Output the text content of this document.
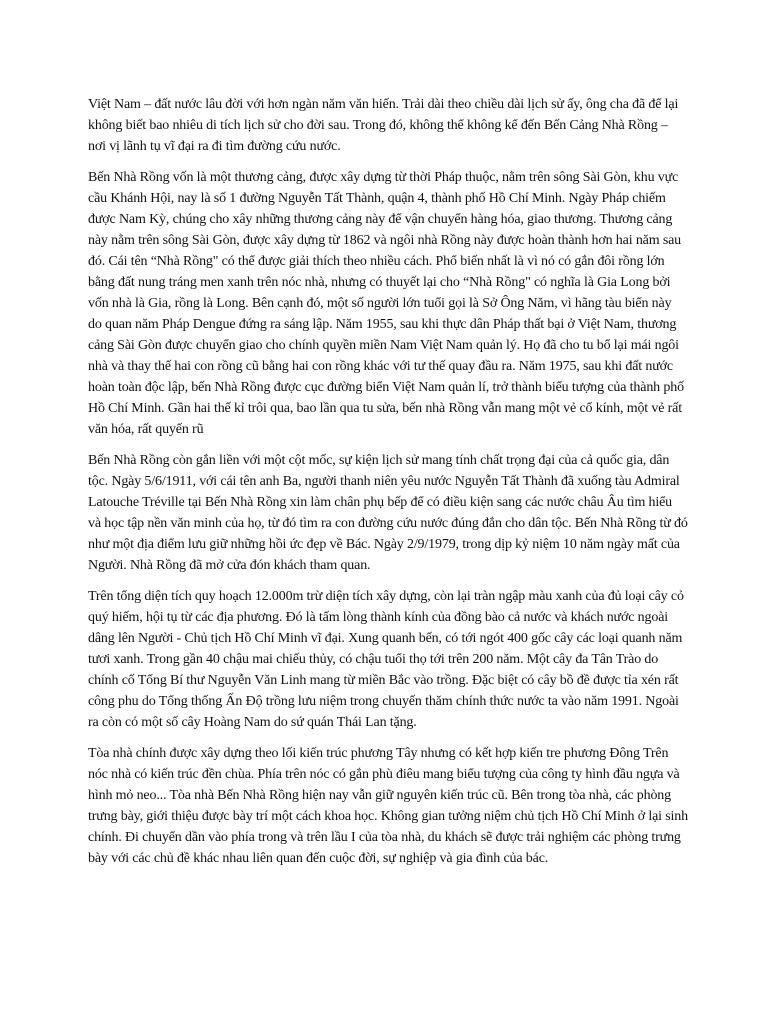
Việt Nam – đất nước lâu đời với hơn ngàn năm văn hiến. Trải dài theo chiều dài lịch sử ấy, ông cha đã để lại không biết bao nhiêu di tích lịch sử cho đời sau. Trong đó, không thể không kể đến Bến Cảng Nhà Rồng – nơi vị lãnh tụ vĩ đại ra đi tìm đường cứu nước.

Bến Nhà Rồng vốn là một thương cảng, được xây dựng từ thời Pháp thuộc, nằm trên sông Sài Gòn, khu vực cầu Khánh Hội, nay là số 1 đường Nguyễn Tất Thành, quận 4, thành phố Hồ Chí Minh. Ngày Pháp chiếm được Nam Kỳ, chúng cho xây những thương cảng này để vận chuyển hàng hóa, giao thương. Thương cảng này nằm trên sông Sài Gòn, được xây dựng từ 1862 và ngôi nhà Rồng này được hoàn thành hơn hai năm sau đó. Cái tên “Nhà Rồng" có thể được giải thích theo nhiều cách. Phổ biến nhất là vì nó có gắn đôi rồng lớn bằng đất nung tráng men xanh trên nóc nhà, nhưng có thuyết lại cho “Nhà Rồng" có nghĩa là Gia Long bởi vốn nhà là Gia, rồng là Long. Bên cạnh đó, một số người lớn tuổi gọi là Sở Ông Năm, vì hãng tàu biển này do quan năm Pháp Dengue đứng ra sáng lập. Năm 1955, sau khi thực dân Pháp thất bại ở Việt Nam, thương cảng Sài Gòn được chuyển giao cho chính quyền miền Nam Việt Nam quản lý. Họ đã cho tu bổ lại mái ngôi nhà và thay thế hai con rồng cũ bằng hai con rồng khác với tư thế quay đầu ra. Năm 1975, sau khi đất nước hoàn toàn độc lập, bến Nhà Rồng được cục đường biển Việt Nam quản lí, trở thành biểu tượng của thành phố Hồ Chí Minh. Gần hai thế kỉ trôi qua, bao lần qua tu sửa, bến nhà Rồng vẫn mang một vẻ cổ kính, một vẻ rất văn hóa, rất quyến rũ

Bến Nhà Rồng còn gắn liền với một cột mốc, sự kiện lịch sử mang tính chất trọng đại của cả quốc gia, dân tộc. Ngày 5/6/1911, với cái tên anh Ba, người thanh niên yêu nước Nguyễn Tất Thành đã xuống tàu Admiral Latouche Tréville tại Bến Nhà Rồng xin làm chân phụ bếp để có điều kiện sang các nước châu Âu tìm hiểu và học tập nền văn minh của họ, từ đó tìm ra con đường cứu nước đúng đắn cho dân tộc. Bến Nhà Rồng từ đó như một địa điểm lưu giữ những hồi ức đẹp về Bác. Ngày 2/9/1979, trong dịp kỷ niệm 10 năm ngày mất của Người. Nhà Rồng đã mở cửa đón khách tham quan.

Trên tổng diện tích quy hoạch 12.000m trừ diện tích xây dựng, còn lại tràn ngập màu xanh của đủ loại cây cỏ quý hiếm, hội tụ từ các địa phương. Đó là tấm lòng thành kính của đồng bào cả nước và khách nước ngoài dâng lên Người - Chủ tịch Hồ Chí Minh vĩ đại. Xung quanh bến, có tới ngót 400 gốc cây các loại quanh năm tươi xanh. Trong gần 40 chậu mai chiếu thủy, có chậu tuổi thọ tới trên 200 năm. Một cây đa Tân Trào do chính cố Tổng Bí thư Nguyễn Văn Linh mang từ miền Bắc vào trồng. Đặc biệt có cây bồ đề được tỉa xén rất công phu do Tổng thống Ấn Độ trồng lưu niệm trong chuyến thăm chính thức nước ta vào năm 1991. Ngoài ra còn có một số cây Hoàng Nam do sứ quán Thái Lan tặng.

Tòa nhà chính được xây dựng theo lối kiến trúc phương Tây nhưng có kết hợp kiến tre phương Đông Trên nóc nhà có kiến trúc đền chùa. Phía trên nóc có gắn phù điêu mang biểu tượng của công ty hình đầu ngựa và hình mỏ neo... Tòa nhà Bến Nhà Rồng hiện nay vẫn giữ nguyên kiến trúc cũ. Bên trong tòa nhà, các phòng trưng bày, giới thiệu được bày trí một cách khoa học. Không gian tưởng niệm chủ tịch Hồ Chí Minh ở lại sinh chính. Đi chuyển dần vào phía trong và trên lầu I của tòa nhà, du khách sẽ được trải nghiệm các phòng trưng bày với các chủ đề khác nhau liên quan đến cuộc đời, sự nghiệp và gia đình của bác.
